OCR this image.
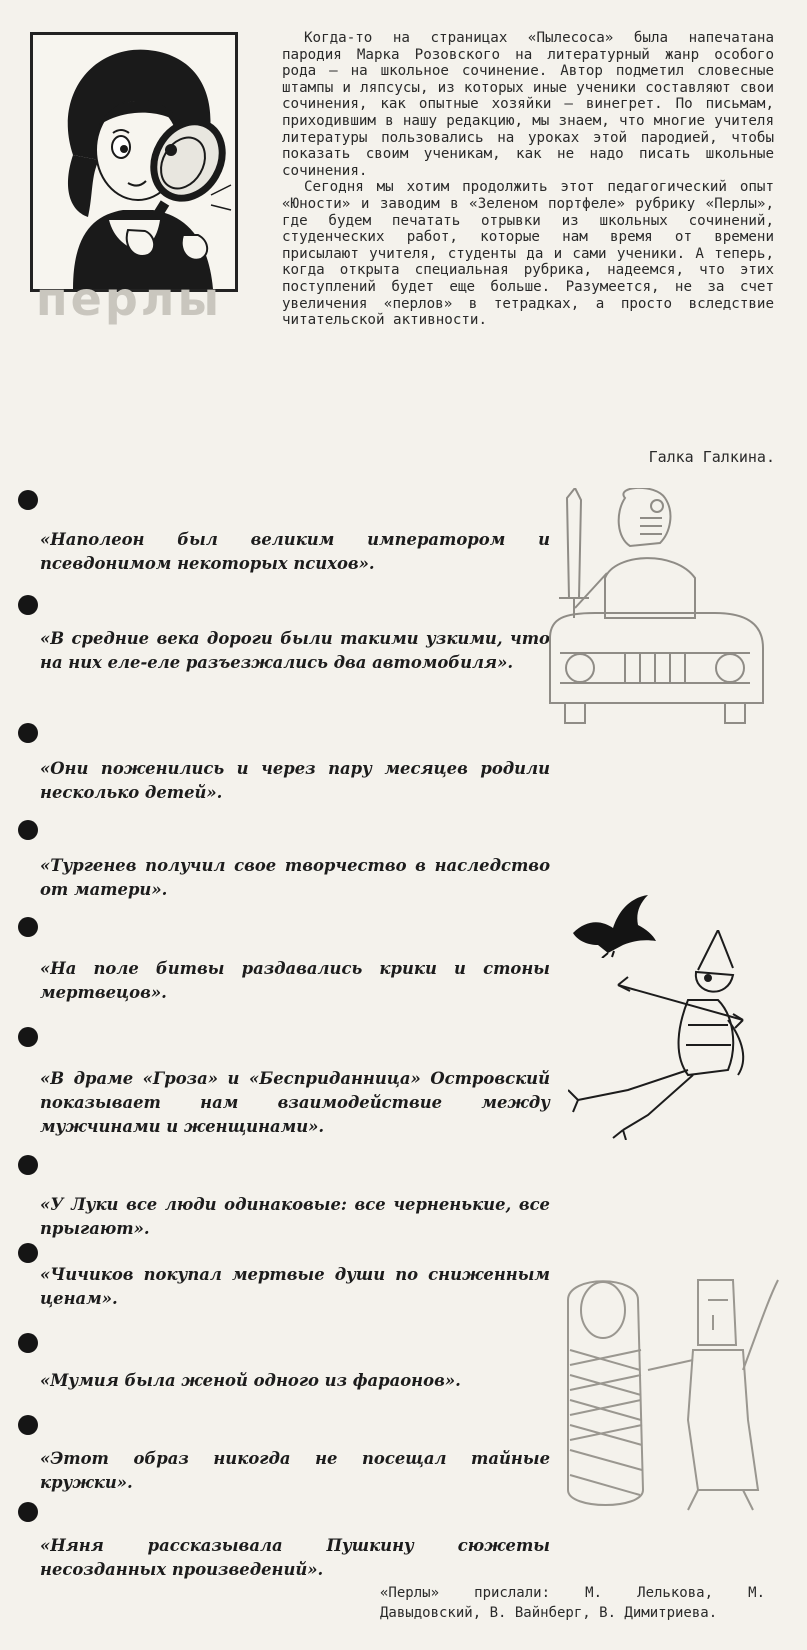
перлы

Когда-то на страницах «Пылесоса» была напечатана пародия Марка Розовского на литературный жанр особого рода — на школьное сочинение. Автор подметил словесные штампы и ляпсусы, из которых иные ученики составляют свои сочинения, как опытные хозяйки — винегрет. По письмам, приходившим в нашу редакцию, мы знаем, что многие учителя литературы пользовались на уроках этой пародией, чтобы показать своим ученикам, как не надо писать школьные сочинения.

Сегодня мы хотим продолжить этот педагогический опыт «Юности» и заводим в «Зеленом портфеле» рубрику «Перлы», где будем печатать отрывки из школьных сочинений, студенческих работ, которые нам время от времени присылают учителя, студенты да и сами ученики. А теперь, когда открыта специальная рубрика, надеемся, что этих поступлений будет еще больше. Разумеется, не за счет увеличения «перлов» в тетрадках, а просто вследствие читательской активности.

Галка Галкина.
«Наполеон был великим императором и псевдонимом некоторых психов».
«В средние века дороги были такими узкими, что на них еле-еле разъезжались два автомобиля».
«Они поженились и через пару месяцев родили несколько детей».
«Тургенев получил свое творчество в наследство от матери».
«На поле битвы раздавались крики и стоны мертвецов».
«В драме «Гроза» и «Бесприданница» Островский показывает нам взаимодействие между мужчинами и женщинами».
«У Луки все люди одинаковые: все черненькие, все прыгают».
«Чичиков покупал мертвые души по сниженным ценам».
«Мумия была женой одного из фараонов».
«Этот образ никогда не посещал тайные кружки».
«Няня рассказывала Пушкину сюжеты несозданных произведений».
«Перлы» прислали: М. Лелькова, М. Давыдовский, В. Вайнберг, В. Димитриева.
